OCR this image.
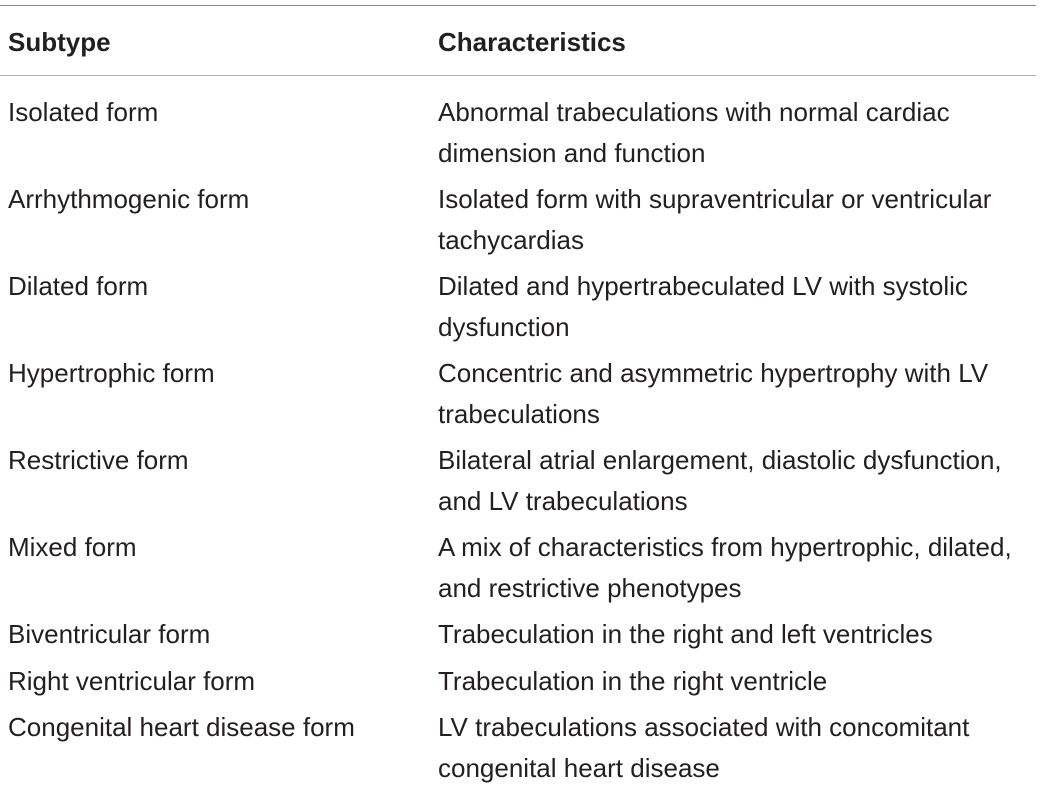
Subtype	Characteristics
Isolated form	Abnormal trabeculations with normal cardiac dimension and function
Arrhythmogenic form	Isolated form with supraventricular or ventricular tachycardias
Dilated form	Dilated and hypertrabeculated LV with systolic dysfunction
Hypertrophic form	Concentric and asymmetric hypertrophy with LV trabeculations
Restrictive form	Bilateral atrial enlargement, diastolic dysfunction, and LV trabeculations
Mixed form	A mix of characteristics from hypertrophic, dilated, and restrictive phenotypes
Biventricular form	Trabeculation in the right and left ventricles
Right ventricular form	Trabeculation in the right ventricle
Congenital heart disease form	LV trabeculations associated with concomitant congenital heart disease
